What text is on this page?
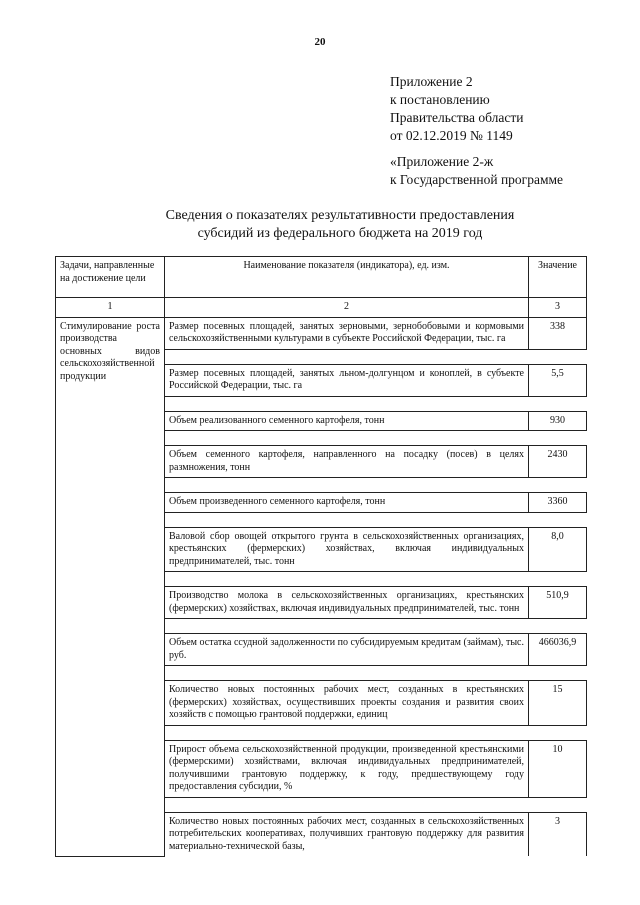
20
Приложение 2
к постановлению
Правительства области
от 02.12.2019 № 1149
«Приложение 2-ж
к Государственной программе
Сведения о показателях результативности предоставления
субсидий из федерального бюджета на 2019 год
Задачи, направленные на достижение цели	Наименование показателя (индикатора), ед. изм.	Значение
1	2	3
Стимулирование роста производства основных видов сельскохозяйственной продукции	Размер посевных площадей, занятых зерновыми, зернобобовыми и кормовыми сельскохозяйственными культурами в субъекте Российской Федерации, тыс. га	338

	Размер посевных площадей, занятых льном-долгунцом и коноплей, в субъекте Российской Федерации, тыс. га	5,5

	Объем реализованного семенного картофеля, тонн	930

	Объем семенного картофеля, направленного на посадку (посев) в целях размножения, тонн	2430

	Объем произведенного семенного картофеля, тонн	3360

	Валовой сбор овощей открытого грунта в сельскохозяйственных организациях, крестьянских (фермерских) хозяйствах, включая индивидуальных предпринимателей, тыс. тонн	8,0

	Производство молока в сельскохозяйственных организациях, крестьянских (фермерских) хозяйствах, включая индивидуальных предпринимателей, тыс. тонн	510,9

	Объем остатка ссудной задолженности по субсидируемым кредитам (займам), тыс. руб.	466036,9

	Количество новых постоянных рабочих мест, созданных в крестьянских (фермерских) хозяйствах, осуществивших проекты создания и развития своих хозяйств с помощью грантовой поддержки, единиц	15

	Прирост объема сельскохозяйственной продукции, произведенной крестьянскими (фермерскими) хозяйствами, включая индивидуальных предпринимателей, получившими грантовую поддержку, к году, предшествующему году предоставления субсидии, %	10

	Количество новых постоянных рабочих мест, созданных в сельскохозяйственных потребительских кооперативах, получивших грантовую поддержку для развития материально-технической базы,	3
